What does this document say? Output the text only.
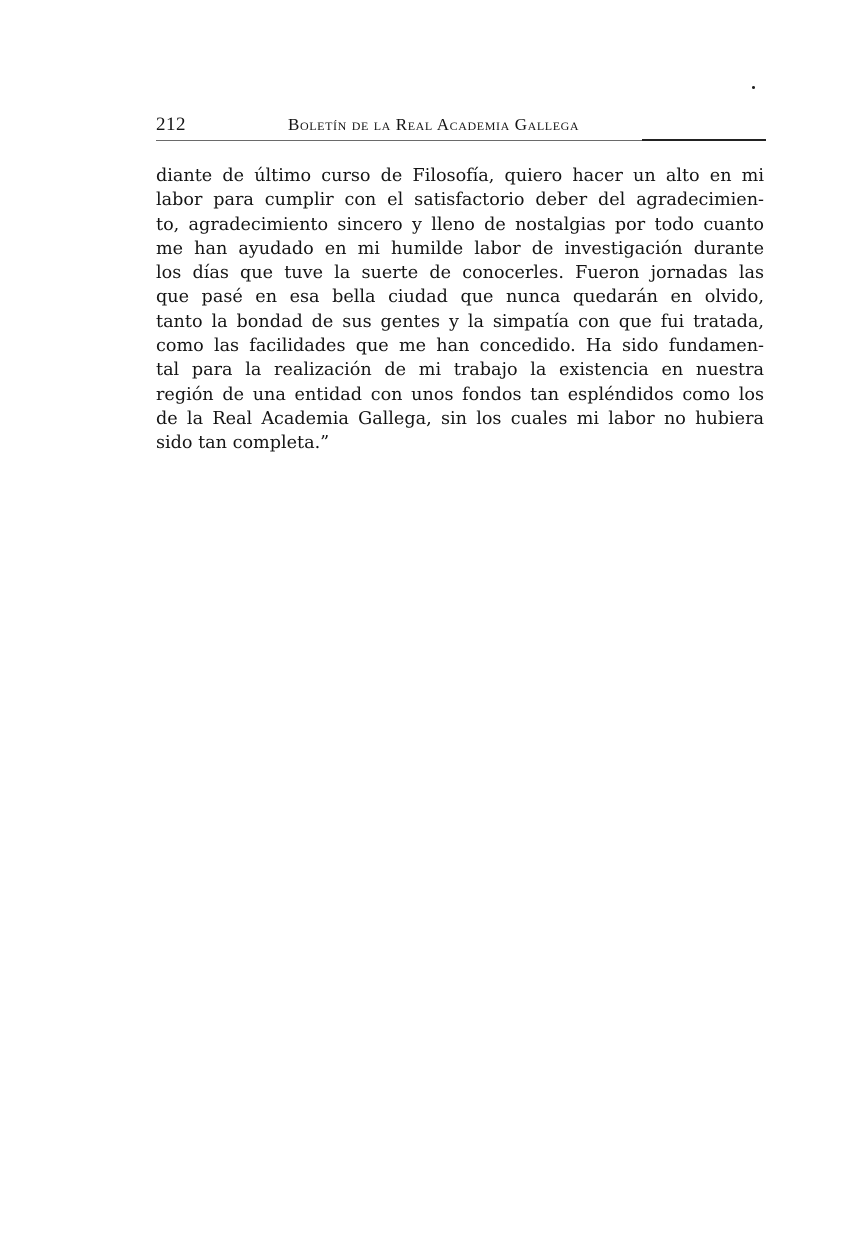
212	Boletín de la Real Academia Gallega
diante de último curso de Filosofía, quiero hacer un alto en mi
labor para cumplir con el satisfactorio deber del agradecimien-
to, agradecimiento sincero y lleno de nostalgias por todo cuanto
me han ayudado en mi humilde labor de investigación durante
los días que tuve la suerte de conocerles. Fueron jornadas las
que pasé en esa bella ciudad que nunca quedarán en olvido,
tanto la bondad de sus gentes y la simpatía con que fui tratada,
como las facilidades que me han concedido. Ha sido fundamen-
tal para la realización de mi trabajo la existencia en nuestra
región de una entidad con unos fondos tan espléndidos como los
de la Real Academia Gallega, sin los cuales mi labor no hubiera
sido tan completa.”
